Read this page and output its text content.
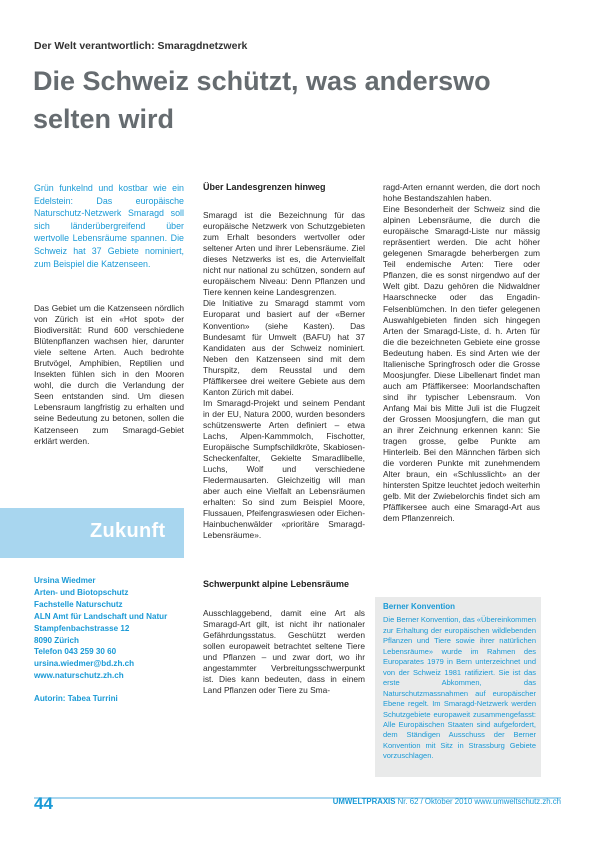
Der Welt verantwortlich: Smaragdnetzwerk
Die Schweiz schützt, was anderswo selten wird
Grün funkelnd und kostbar wie ein Edelstein: Das europäische Naturschutz-Netzwerk Smaragd soll sich länderübergreifend über wertvolle Lebensräume spannen. Die Schweiz hat 37 Gebiete nominiert, zum Beispiel die Katzenseen.

Das Gebiet um die Katzenseen nördlich von Zürich ist ein «Hot spot» der Biodiversität: Rund 600 verschiedene Blütenpflanzen wachsen hier, darunter viele seltene Arten. Auch bedrohte Brutvögel, Amphibien, Reptilien und Insekten fühlen sich in den Mooren wohl, die durch die Verlandung der Seen entstanden sind. Um diesen Lebensraum langfristig zu erhalten und seine Bedeutung zu betonen, sollen die Katzenseen zum Smaragd-Gebiet erklärt werden.

Zukunft
Ursina Wiedmer
Arten- und Biotopschutz
Fachstelle Naturschutz
ALN Amt für Landschaft und Natur
Stampfenbachstrasse 12
8090 Zürich
Telefon 043 259 30 60
ursina.wiedmer@bd.zh.ch
www.naturschutz.zh.ch
Autorin: Tabea Turrini
Über Landesgrenzen hinweg

Smaragd ist die Bezeichnung für das europäische Netzwerk von Schutzgebieten zum Erhalt besonders wertvoller oder seltener Arten und ihrer Lebensräume. Ziel dieses Netzwerks ist es, die Artenvielfalt nicht nur national zu schützen, sondern auf europäischem Niveau: Denn Pflanzen und Tiere kennen keine Landesgrenzen.

Die Initiative zu Smaragd stammt vom Europarat und basiert auf der «Berner Konvention» (siehe Kasten). Das Bundesamt für Umwelt (BAFU) hat 37 Kandidaten aus der Schweiz nominiert. Neben den Katzenseen sind mit dem Thurspitz, dem Reusstal und dem Pfäffikersee drei weitere Gebiete aus dem Kanton Zürich mit dabei.

Im Smaragd-Projekt und seinem Pendant in der EU, Natura 2000, wurden besonders schützenswerte Arten definiert – etwa Lachs, Alpen-Kammmolch, Fischotter, Europäische Sumpfschildkröte, Skabiosen-Scheckenfalter, Gekielte Smaradlibelle, Luchs, Wolf und verschiedene Fledermausarten. Gleichzeitig will man aber auch eine Vielfalt an Lebensräumen erhalten: So sind zum Beispiel Moore, Flussauen, Pfeifengraswiesen oder Eichen-Hainbuchenwälder «prioritäre Smaragd-Lebensräume».

Schwerpunkt alpine Lebensräume

Ausschlaggebend, damit eine Art als Smaragd-Art gilt, ist nicht ihr nationaler Gefährdungsstatus. Geschützt werden sollen europaweit betrachtet seltene Tiere und Pflanzen – und zwar dort, wo ihr angestammter Verbreitungsschwerpunkt ist. Dies kann bedeuten, dass in einem Land Pflanzen oder Tiere zu Sma-

ragd-Arten ernannt werden, die dort noch hohe Bestandszahlen haben.

Eine Besonderheit der Schweiz sind die alpinen Lebensräume, die durch die europäische Smaragd-Liste nur mässig repräsentiert werden. Die acht höher gelegenen Smaragde beherbergen zum Teil endemische Arten: Tiere oder Pflanzen, die es sonst nirgendwo auf der Welt gibt. Dazu gehören die Nidwaldner Haarschnecke oder das Engadin-Felsenblümchen. In den tiefer gelegenen Auswahlgebieten finden sich hingegen Arten der Smaragd-Liste, d. h. Arten für die die bezeichneten Gebiete eine grosse Bedeutung haben. Es sind Arten wie der Italienische Springfrosch oder die Grosse Moosjungfer. Diese Libellenart findet man auch am Pfäffikersee: Moorlandschaften sind ihr typischer Lebensraum. Von Anfang Mai bis Mitte Juli ist die Flugzeit der Grossen Moosjungfern, die man gut an ihrer Zeichnung erkennen kann: Sie tragen grosse, gelbe Punkte am Hinterleib. Bei den Männchen färben sich die vorderen Punkte mit zunehmendem Alter braun, ein «Schlusslicht» an der hintersten Spitze leuchtet jedoch weiterhin gelb. Mit der Zwiebelorchis findet sich am Pfäffikersee auch eine Smaragd-Art aus dem Pflanzenreich.

Berner Konvention
Die Berner Konvention, das «Übereinkommen zur Erhaltung der europäischen wildlebenden Pflanzen und Tiere sowie ihrer natürlichen Lebensräume» wurde im Rahmen des Europarates 1979 in Bern unterzeichnet und von der Schweiz 1981 ratifiziert. Sie ist das erste Abkommen, das Naturschutzmassnahmen auf europäischer Ebene regelt. Im Smaragd-Netzwerk werden Schutzgebiete europaweit zusammengefasst: Alle Europäischen Staaten sind aufgefordert, dem Ständigen Ausschuss der Berner Konvention mit Sitz in Strassburg Gebiete vorzuschlagen.
44	UMWELTPRAXIS Nr. 62 / Oktober 2010 www.umweltschutz.zh.ch
